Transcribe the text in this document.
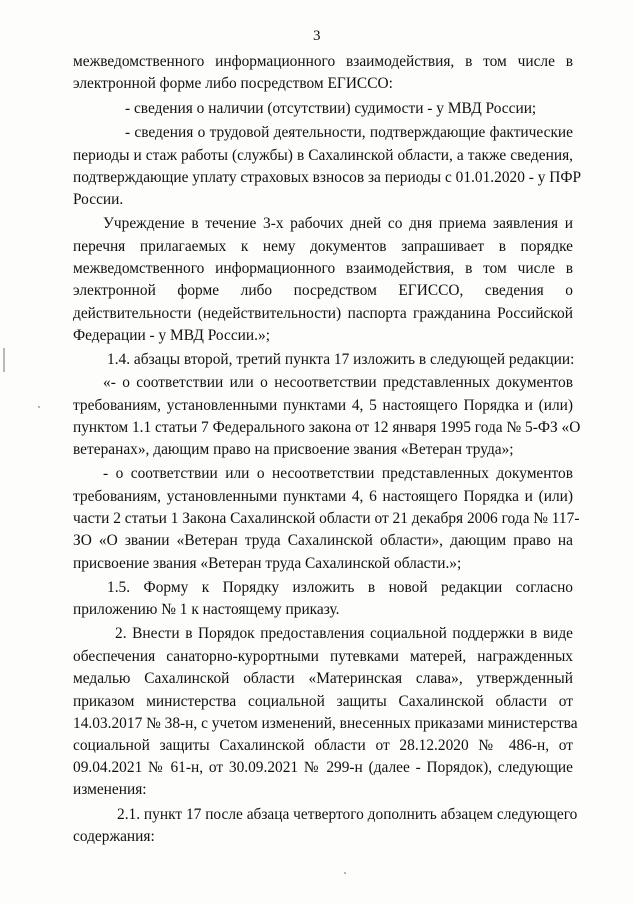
3
межведомственного информационного взаимодействия, в том числе в
электронной форме либо посредством ЕГИССО:
- сведения о наличии (отсутствии) судимости - у МВД России;
- сведения о трудовой деятельности, подтверждающие фактические
периоды и стаж работы (службы) в Сахалинской области, а также сведения,
подтверждающие уплату страховых взносов за периоды с 01.01.2020 - у ПФР
России.
Учреждение в течение 3-х рабочих дней со дня приема заявления и
перечня прилагаемых к нему документов запрашивает в порядке
межведомственного информационного взаимодействия, в том числе в
электронной форме либо посредством ЕГИССО, сведения о
действительности (недействительности) паспорта гражданина Российской
Федерации - у МВД России.»;
1.4. абзацы второй, третий пункта 17 изложить в следующей редакции:
«- о соответствии или о несоответствии представленных документов
требованиям, установленными пунктами 4, 5 настоящего Порядка и (или)
пунктом 1.1 статьи 7 Федерального закона от 12 января 1995 года № 5-ФЗ «О
ветеранах», дающим право на присвоение звания «Ветеран труда»;
- о соответствии или о несоответствии представленных документов
требованиям, установленными пунктами 4, 6 настоящего Порядка и (или)
части 2 статьи 1 Закона Сахалинской области от 21 декабря 2006 года № 117-
ЗО «О звании «Ветеран труда Сахалинской области», дающим право на
присвоение звания «Ветеран труда Сахалинской области.»;
1.5. Форму к Порядку изложить в новой редакции согласно
приложению № 1 к настоящему приказу.
2. Внести в Порядок предоставления социальной поддержки в виде
обеспечения санаторно-курортными путевками матерей, награжденных
медалью Сахалинской области «Материнская слава», утвержденный
приказом министерства социальной защиты Сахалинской области от
14.03.2017 № 38-н, с учетом изменений, внесенных приказами министерства
социальной защиты Сахалинской области от 28.12.2020 № 486-н, от
09.04.2021 № 61-н, от 30.09.2021 № 299-н (далее - Порядок), следующие
изменения:
2.1. пункт 17 после абзаца четвертого дополнить абзацем следующего
содержания:
